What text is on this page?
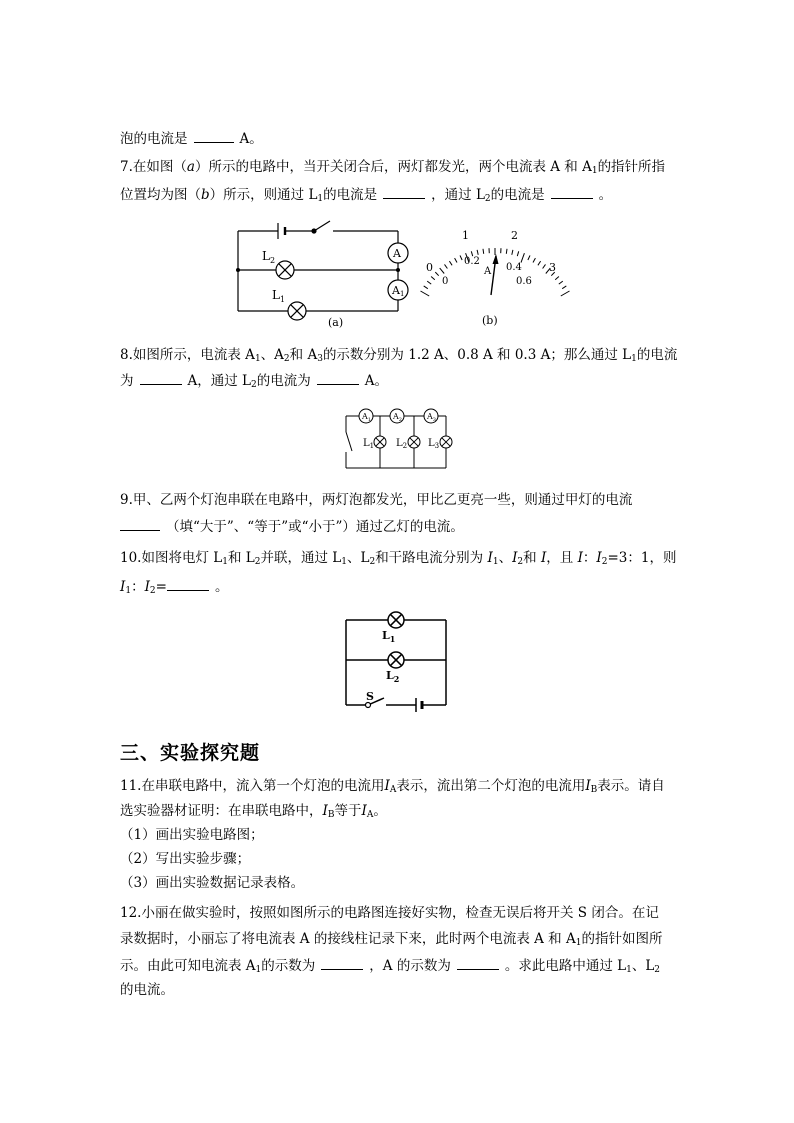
泡的电流是	A。
7.在如图（a）所示的电路中，当开关闭合后，两灯都发光，两个电流表 A 和 $A_1$的指针所指
位置均为图（b）所示，则通过 $L_1$的电流是	，通过 $L_2$的电流是	。
$L_2$
$L_1$
A
A1
(a)
0
1	2
3
0
0.2
0.4
0.6
A
(b)
8.如图所示，电流表 $A_1$、$A_2$和 $A_3$的示数分别为 1.2 A、0.8 A 和 0.3 A；那么通过 $L_1$的电流
为	A，通过 $L_2$的电流为	A。
$A_1$	$A_2$	$A_3$
$L_1$ $L_2$ $L_3$
9.甲、乙两个灯泡串联在电路中，两灯泡都发光，甲比乙更亮一些，则通过甲灯的电流
（填“大于”、“等于”或“小于”）通过乙灯的电流。
10.如图将电灯 $L_1$和 $L_2$并联，通过 $L_1$、$L_2$和干路电流分别为 $I_1$、$I_2$和 I，且 I：$I_2=3$：1，则
$I_1$：$I_2=$	。
$L_1$
$L_2$
S
三、实验探究题
11.在串联电路中，流入第一个灯泡的电流用$I_A$表示，流出第二个灯泡的电流用$I_B$表示。请自
选实验器材证明：在串联电路中，$I_B$等于$I_A$。
（1）画出实验电路图；
（2）写出实验步骤；
（3）画出实验数据记录表格。
12.小丽在做实验时，按照如图所示的电路图连接好实物，检查无误后将开关 S 闭合。在记
录数据时，小丽忘了将电流表 A 的接线柱记录下来，此时两个电流表 A 和 $A_1$的指针如图所
示。由此可知电流表 $A_1$的示数为	，A 的示数为	。求此电路中通过 $L_1$、$L_2$
的电流。
